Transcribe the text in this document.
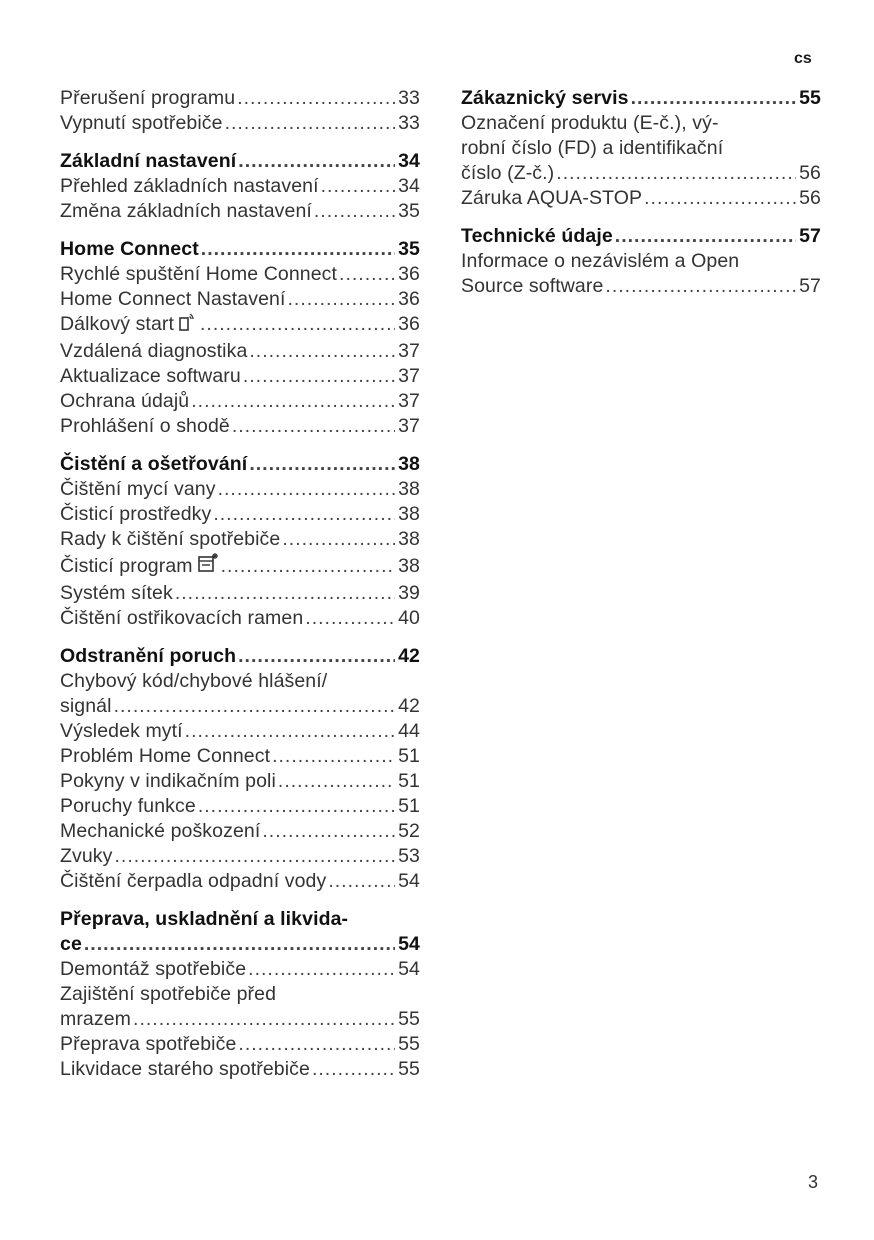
cs
Přerušení programu .....	33
Vypnutí spotřebiče .....	33
Základní nastavení .....	34
Přehled základních nastavení .....	34
Změna základních nastavení .....	35
Home Connect .....	35
Rychlé spuštění Home Connect .....	36
Home Connect Nastavení .....	36
Dálkový start .....	36
Vzdálená diagnostika .....	37
Aktualizace softwaru .....	37
Ochrana údajů .....	37
Prohlášení o shodě .....	37
Čistění a ošetřování .....	38
Čištění mycí vany .....	38
Čisticí prostředky .....	38
Rady k čištění spotřebiče .....	38
Čisticí program .....	38
Systém sítek .....	39
Čištění ostřikovacích ramen .....	40
Odstranění poruch .....	42
Chybový kód/chybové hlášení/
signál .....	42
Výsledek mytí .....	44
Problém Home Connect .....	51
Pokyny v indikačním poli .....	51
Poruchy funkce .....	51
Mechanické poškození .....	52
Zvuky .....	53
Čištění čerpadla odpadní vody .....	54
Přeprava, uskladnění a likvida-
ce .....	54
Demontáž spotřebiče .....	54
Zajištění spotřebiče před
mrazem .....	55
Přeprava spotřebiče .....	55
Likvidace starého spotřebiče .....	55
Zákaznický servis .....	55
Označení produktu (E-č.), vý-
robní číslo (FD) a identifikační
číslo (Z-č.) .....	56
Záruka AQUA-STOP .....	56
Technické údaje .....	57
Informace o nezávislém a Open
Source software .....	57
3
